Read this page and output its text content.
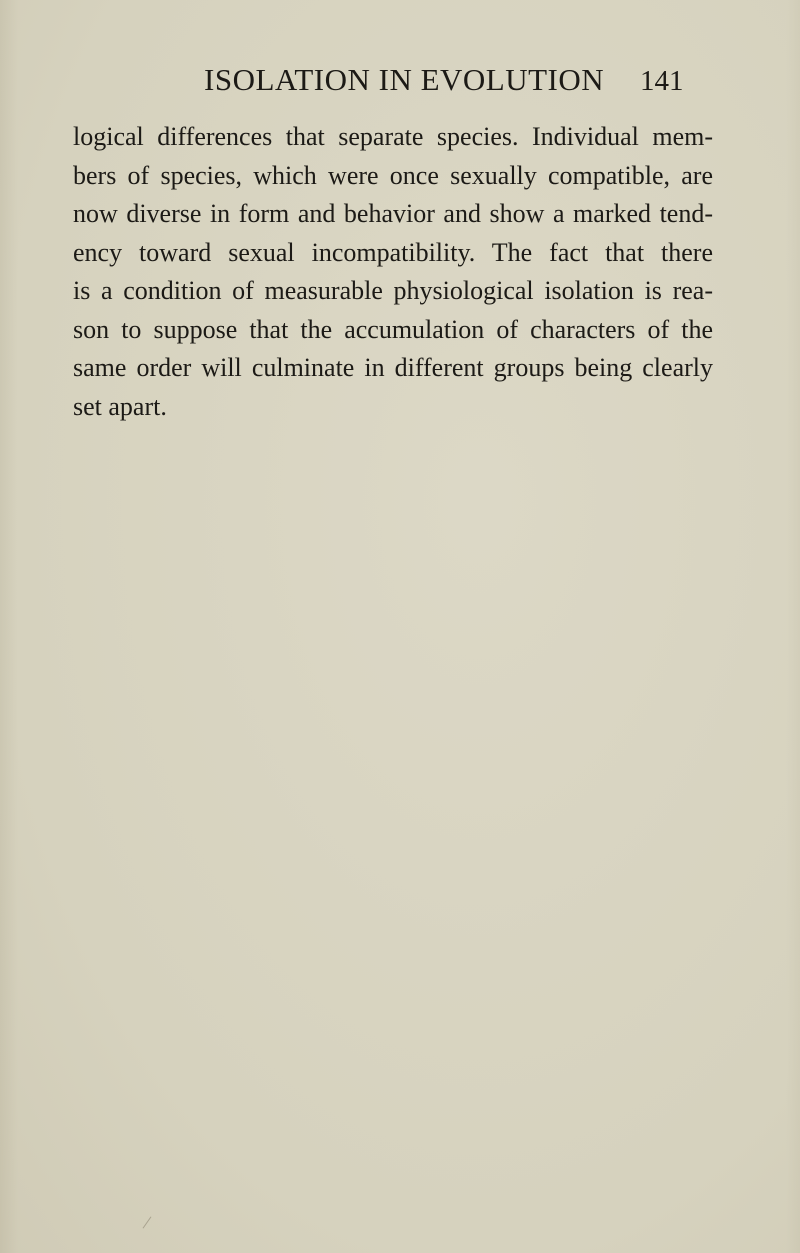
ISOLATION IN EVOLUTION 141
logical differences that separate species. Individual mem-
bers of species, which were once sexually compatible, are
now diverse in form and behavior and show a marked tend-
ency toward sexual incompatibility. The fact that there
is a condition of measurable physiological isolation is rea-
son to suppose that the accumulation of characters of the
same order will culminate in different groups being clearly
set apart.
